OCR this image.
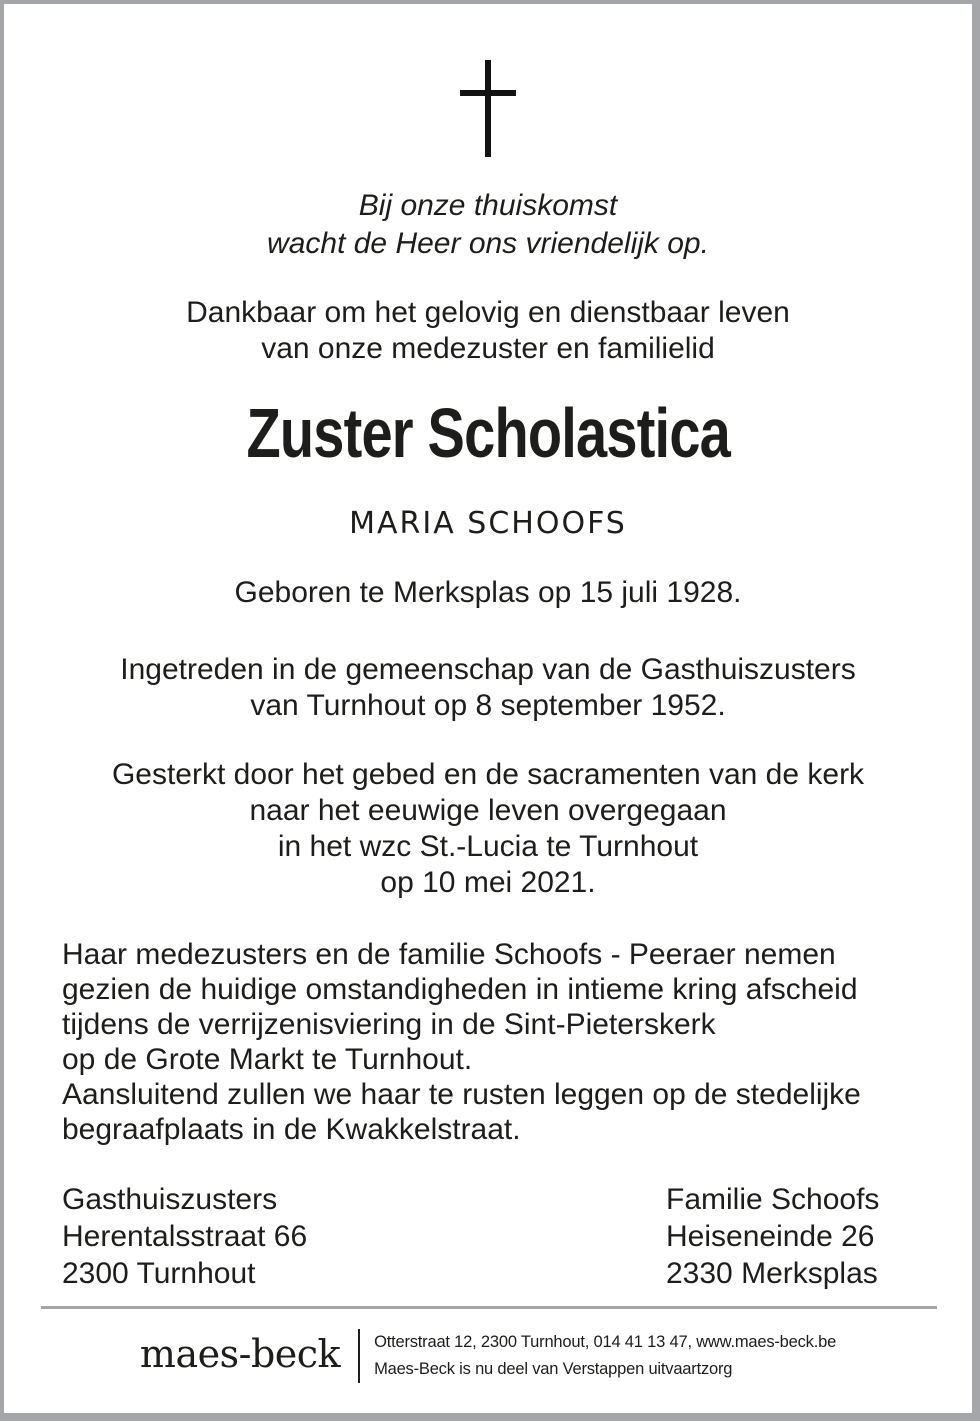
Bij onze thuiskomst
wacht de Heer ons vriendelijk op.
Dankbaar om het gelovig en dienstbaar leven
van onze medezuster en familielid
Zuster Scholastica
MARIA SCHOOFS
Geboren te Merksplas op 15 juli 1928.
Ingetreden in de gemeenschap van de Gasthuiszusters
van Turnhout op 8 september 1952.
Gesterkt door het gebed en de sacramenten van de kerk
naar het eeuwige leven overgegaan
in het wzc St.-Lucia te Turnhout
op 10 mei 2021.
Haar medezusters en de familie Schoofs - Peeraer nemen
gezien de huidige omstandigheden in intieme kring afscheid
tijdens de verrijzenisviering in de Sint-Pieterskerk
op de Grote Markt te Turnhout.
Aansluitend zullen we haar te rusten leggen op de stedelijke
begraafplaats in de Kwakkelstraat.
Gasthuiszusters
Herentalsstraat 66
2300 Turnhout
Familie Schoofs
Heiseneinde 26
2330 Merksplas
maes-beck Otterstraat 12, 2300 Turnhout, 014 41 13 47, www.maes-beck.be
Maes-Beck is nu deel van Verstappen uitvaartzorg
